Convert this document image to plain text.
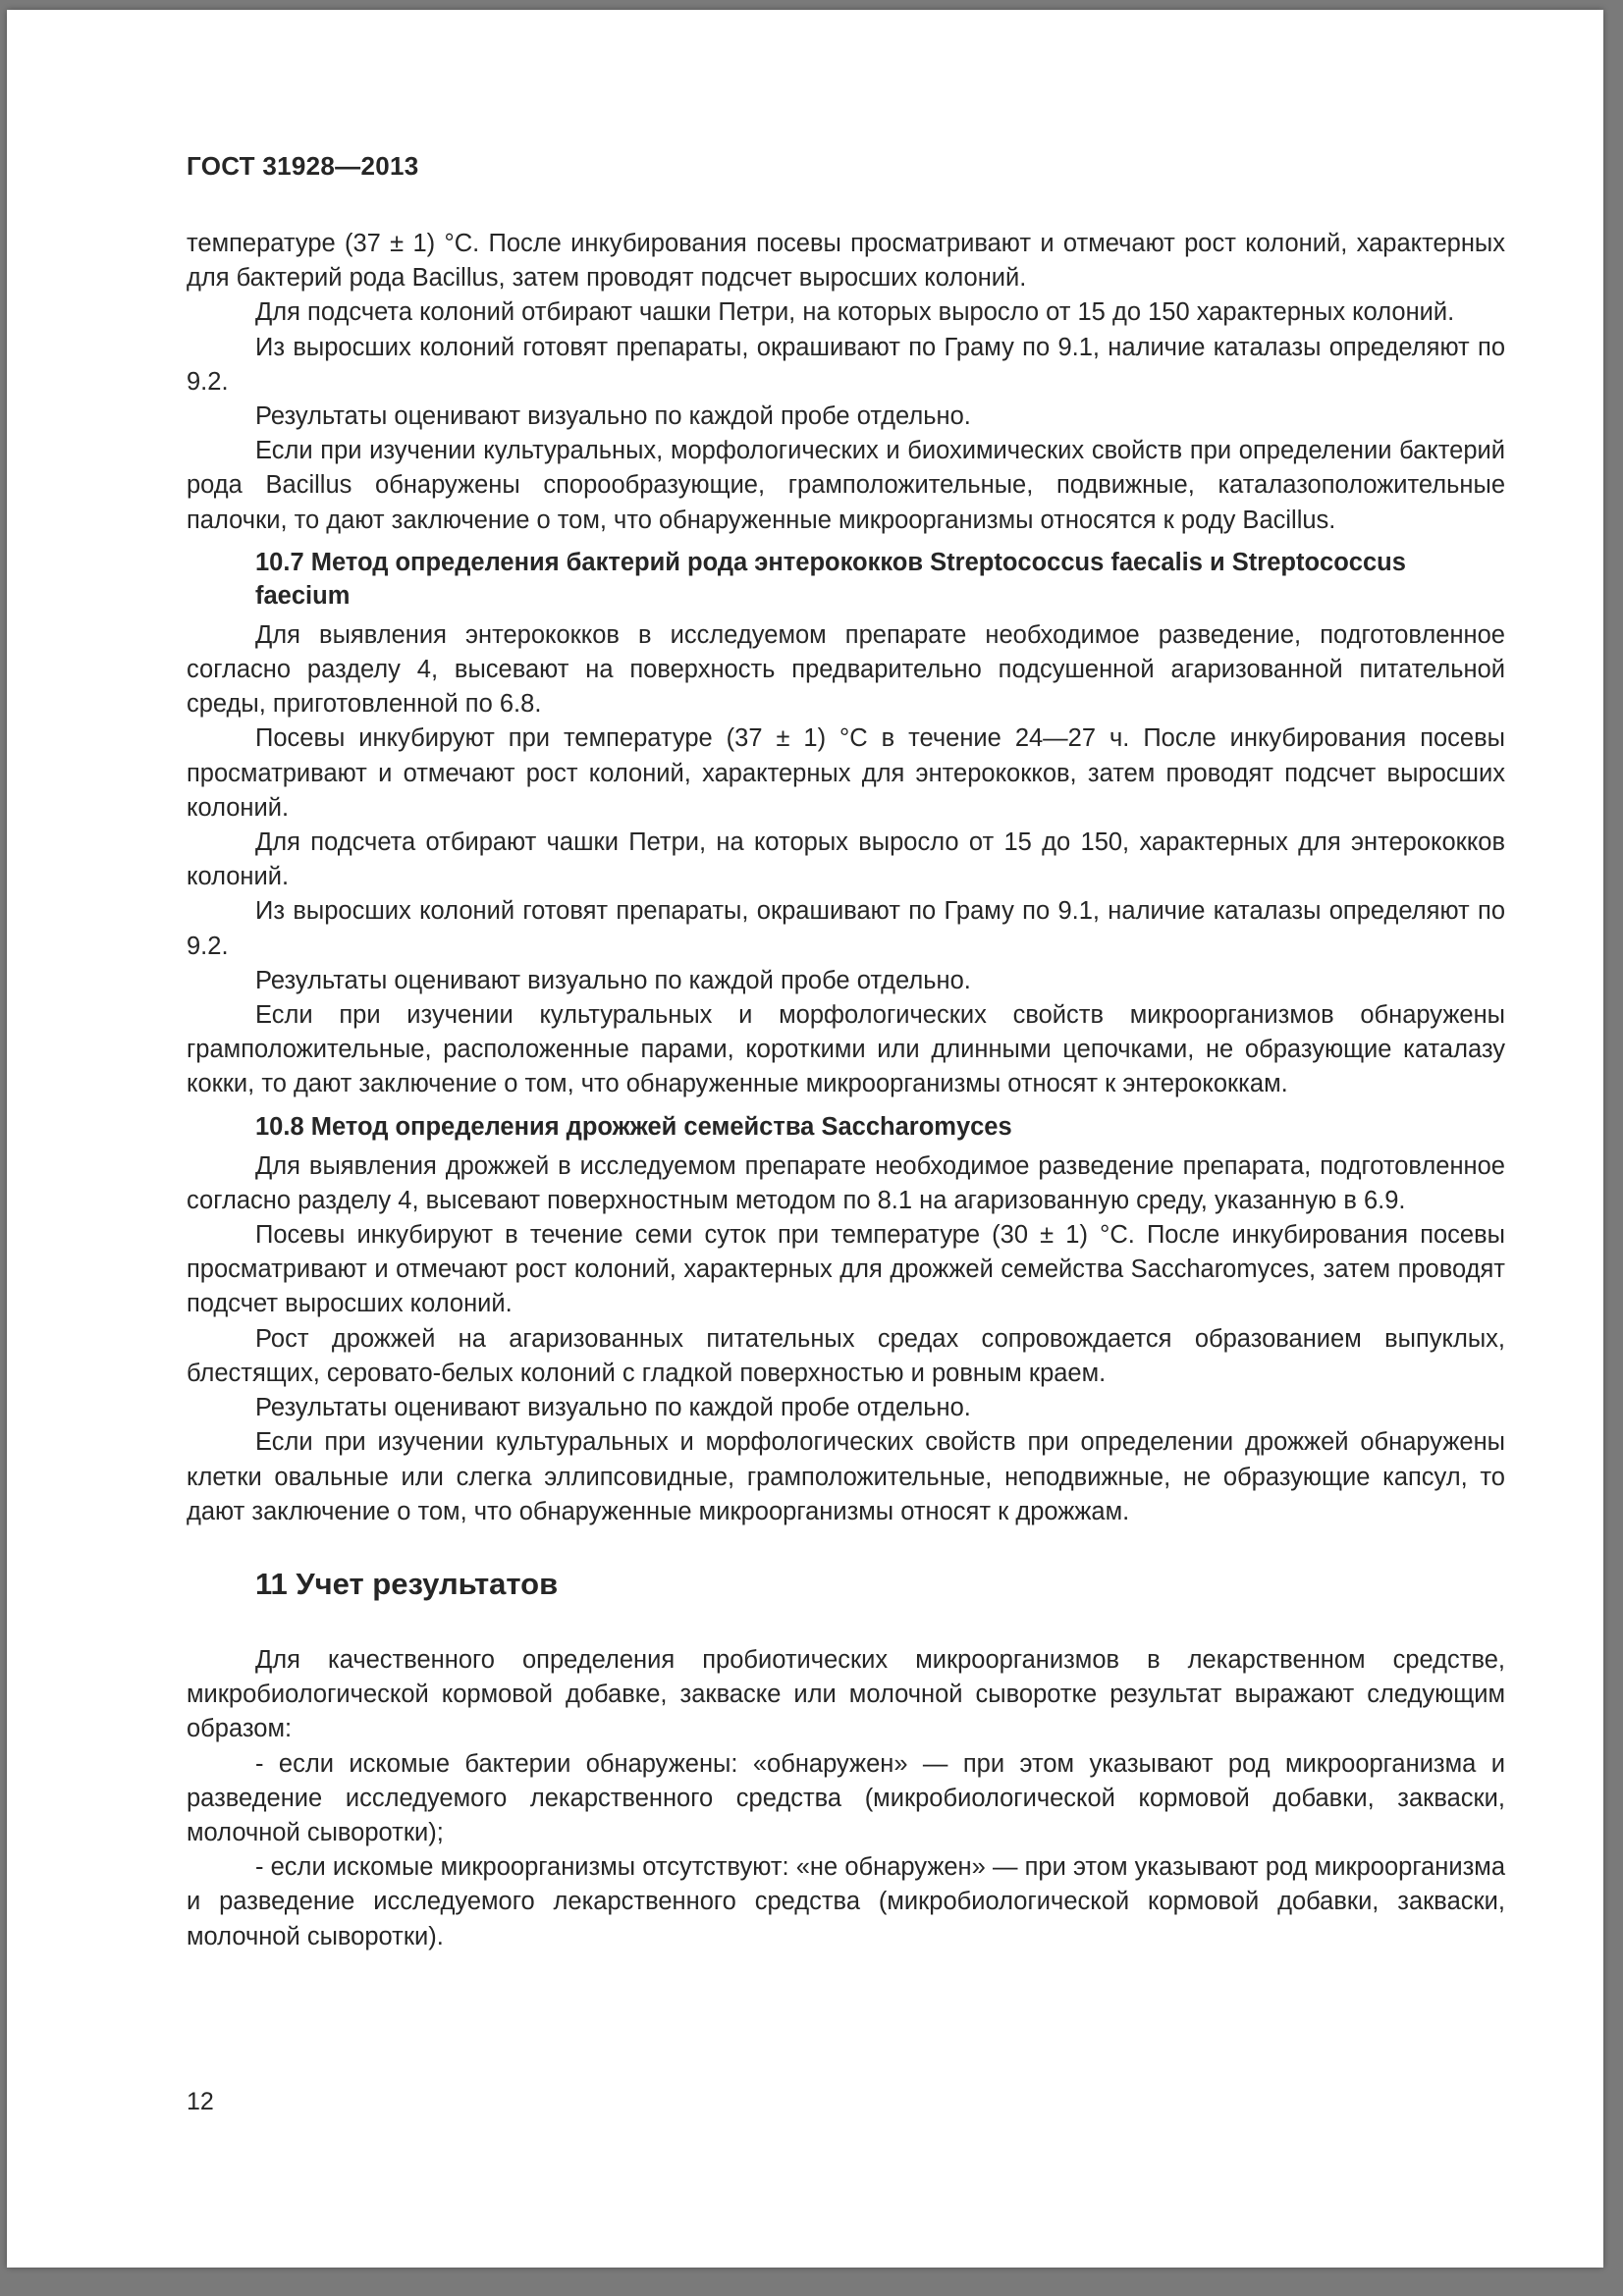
ГОСТ 31928—2013

температуре (37 ± 1) °С. После инкубирования посевы просматривают и отмечают рост колоний, характерных для бактерий рода Bacillus, затем проводят подсчет выросших колоний.

Для подсчета колоний отбирают чашки Петри, на которых выросло от 15 до 150 характерных колоний.

Из выросших колоний готовят препараты, окрашивают по Граму по 9.1, наличие каталазы определяют по 9.2.

Результаты оценивают визуально по каждой пробе отдельно.

Если при изучении культуральных, морфологических и биохимических свойств при определении бактерий рода Bacillus обнаружены спорообразующие, грамположительные, подвижные, каталазоположительные палочки, то дают заключение о том, что обнаруженные микроорганизмы относятся к роду Bacillus.

10.7 Метод определения бактерий рода энтерококков Streptococcus faecalis и Streptococcus faecium

Для выявления энтерококков в исследуемом препарате необходимое разведение, подготовленное согласно разделу 4, высевают на поверхность предварительно подсушенной агаризованной питательной среды, приготовленной по 6.8.

Посевы инкубируют при температуре (37 ± 1) °С в течение 24—27 ч. После инкубирования посевы просматривают и отмечают рост колоний, характерных для энтерококков, затем проводят подсчет выросших колоний.

Для подсчета отбирают чашки Петри, на которых выросло от 15 до 150, характерных для энтерококков колоний.

Из выросших колоний готовят препараты, окрашивают по Граму по 9.1, наличие каталазы определяют по 9.2.

Результаты оценивают визуально по каждой пробе отдельно.

Если при изучении культуральных и морфологических свойств микроорганизмов обнаружены грамположительные, расположенные парами, короткими или длинными цепочками, не образующие каталазу кокки, то дают заключение о том, что обнаруженные микроорганизмы относят к энтерококкам.

10.8 Метод определения дрожжей семейства Saccharomyces

Для выявления дрожжей в исследуемом препарате необходимое разведение препарата, подготовленное согласно разделу 4, высевают поверхностным методом по 8.1 на агаризованную среду, указанную в 6.9.

Посевы инкубируют в течение семи суток при температуре (30 ± 1) °С. После инкубирования посевы просматривают и отмечают рост колоний, характерных для дрожжей семейства Saccharomyces, затем проводят подсчет выросших колоний.

Рост дрожжей на агаризованных питательных средах сопровождается образованием выпуклых, блестящих, серовато-белых колоний с гладкой поверхностью и ровным краем.

Результаты оценивают визуально по каждой пробе отдельно.

Если при изучении культуральных и морфологических свойств при определении дрожжей обнаружены клетки овальные или слегка эллипсовидные, грамположительные, неподвижные, не образующие капсул, то дают заключение о том, что обнаруженные микроорганизмы относят к дрожжам.

11 Учет результатов

Для качественного определения пробиотических микроорганизмов в лекарственном средстве, микробиологической кормовой добавке, закваске или молочной сыворотке результат выражают следующим образом:

- если искомые бактерии обнаружены: «обнаружен» — при этом указывают род микроорганизма и разведение исследуемого лекарственного средства (микробиологической кормовой добавки, закваски, молочной сыворотки);

- если искомые микроорганизмы отсутствуют: «не обнаружен» — при этом указывают род микроорганизма и разведение исследуемого лекарственного средства (микробиологической кормовой добавки, закваски, молочной сыворотки).

12
